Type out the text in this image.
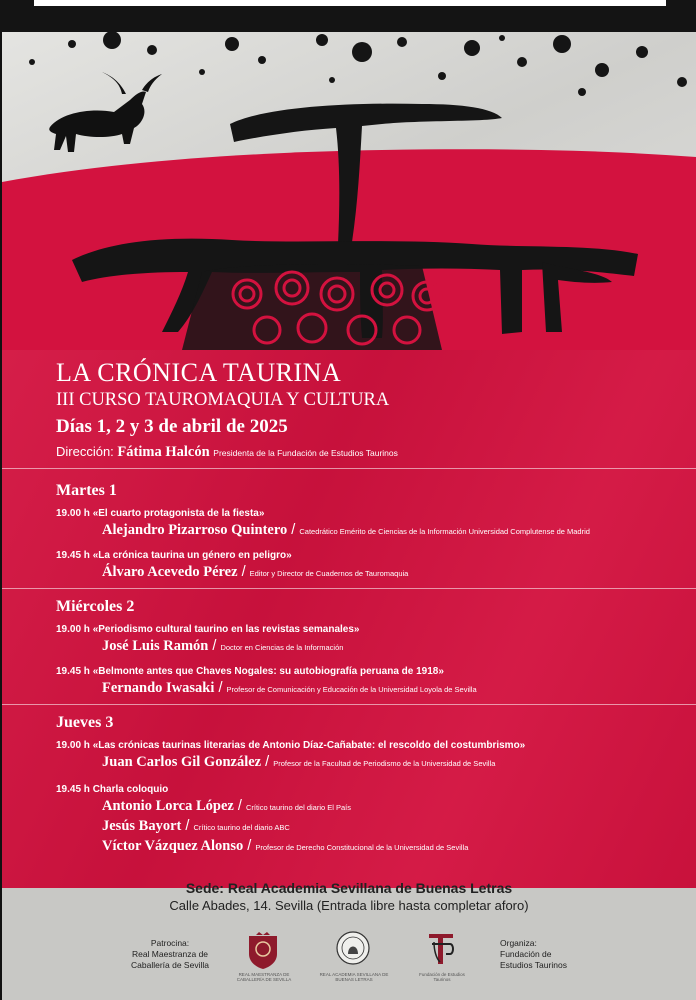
LA CRÓNICA TAURINA
III CURSO TAUROMAQUIA Y CULTURA
Días 1, 2 y 3 de abril de 2025
Dirección: Fátima Halcón Presidenta de la Fundación de Estudios Taurinos
Martes 1
19.00 h «El cuarto protagonista de la fiesta»
Alejandro Pizarroso Quintero / Catedrático Emérito de Ciencias de la Información Universidad Complutense de Madrid
19.45 h «La crónica taurina un género en peligro»
Álvaro Acevedo Pérez / Editor y Director de Cuadernos de Tauromaquia
Miércoles 2
19.00 h «Periodismo cultural taurino en las revistas semanales»
José Luis Ramón / Doctor en Ciencias de la Información
19.45 h «Belmonte antes que Chaves Nogales: su autobiografía peruana de 1918»
Fernando Iwasaki / Profesor de Comunicación y Educación de la Universidad Loyola de Sevilla
Jueves 3
19.00 h «Las crónicas taurinas literarias de Antonio Díaz-Cañabate: el rescoldo del costumbrismo»
Juan Carlos Gil González / Profesor de la Facultad de Periodismo de la Universidad de Sevilla
19.45 h Charla coloquio
Antonio Lorca López / Crítico taurino del diario El País
Jesús Bayort / Crítico taurino del diario ABC
Víctor Vázquez Alonso / Profesor de Derecho Constitucional de la Universidad de Sevilla
Sede: Real Academia Sevillana de Buenas Letras
Calle Abades, 14. Sevilla (Entrada libre hasta completar aforo)
Patrocina:
Real Maestranza de
Caballería de Sevilla
REAL MAESTRANZA DE CABALLERÍA DE SEVILLA
REAL ACADEMIA SEVILLANA DE BUENAS LETRAS
Fundación de Estudios Taurinos
Organiza:
Fundación de
Estudios Taurinos
